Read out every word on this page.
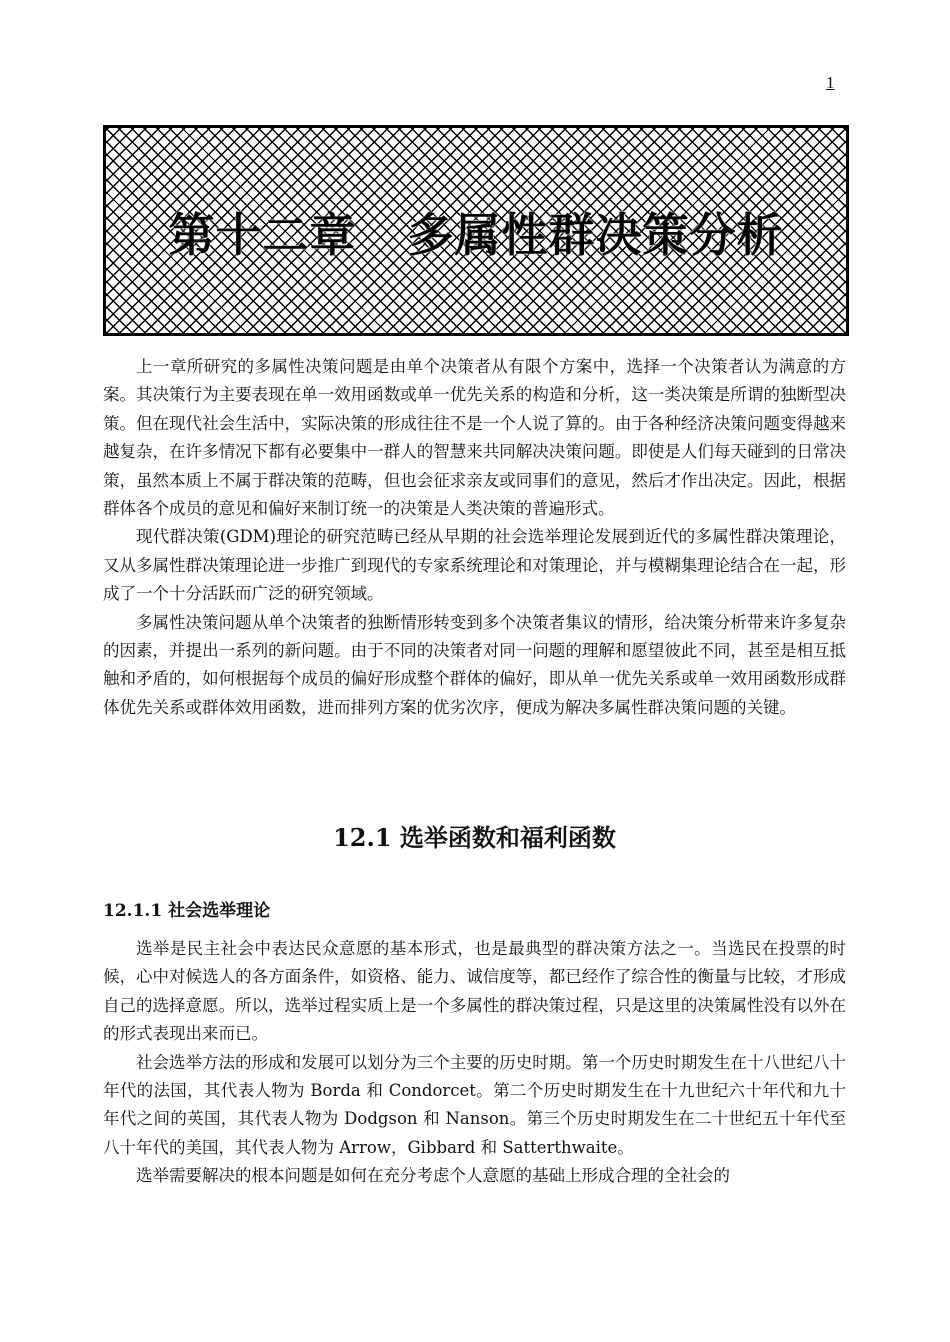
1
第十二章   多属性群决策分析

上一章所研究的多属性决策问题是由单个决策者从有限个方案中，选择一个决策者认为满意的方案。其决策行为主要表现在单一效用函数或单一优先关系的构造和分析，这一类决策是所谓的独断型决策。但在现代社会生活中，实际决策的形成往往不是一个人说了算的。由于各种经济决策问题变得越来越复杂，在许多情况下都有必要集中一群人的智慧来共同解决决策问题。即使是人们每天碰到的日常决策，虽然本质上不属于群决策的范畴，但也会征求亲友或同事们的意见，然后才作出决定。因此，根据群体各个成员的意见和偏好来制订统一的决策是人类决策的普遍形式。

现代群决策(GDM)理论的研究范畴已经从早期的社会选举理论发展到近代的多属性群决策理论，又从多属性群决策理论进一步推广到现代的专家系统理论和对策理论，并与模糊集理论结合在一起，形成了一个十分活跃而广泛的研究领域。

多属性决策问题从单个决策者的独断情形转变到多个决策者集议的情形，给决策分析带来许多复杂的因素，并提出一系列的新问题。由于不同的决策者对同一问题的理解和愿望彼此不同，甚至是相互抵触和矛盾的，如何根据每个成员的偏好形成整个群体的偏好，即从单一优先关系或单一效用函数形成群体优先关系或群体效用函数，进而排列方案的优劣次序，便成为解决多属性群决策问题的关键。

12.1 选举函数和福利函数
12.1.1 社会选举理论

选举是民主社会中表达民众意愿的基本形式，也是最典型的群决策方法之一。当选民在投票的时候，心中对候选人的各方面条件，如资格、能力、诚信度等，都已经作了综合性的衡量与比较，才形成自己的选择意愿。所以，选举过程实质上是一个多属性的群决策过程，只是这里的决策属性没有以外在的形式表现出来而已。

社会选举方法的形成和发展可以划分为三个主要的历史时期。第一个历史时期发生在十八世纪八十年代的法国，其代表人物为 Borda 和 Condorcet。第二个历史时期发生在十九世纪六十年代和九十年代之间的英国，其代表人物为 Dodgson 和 Nanson。第三个历史时期发生在二十世纪五十年代至八十年代的美国，其代表人物为 Arrow，Gibbard 和 Satterthwaite。

选举需要解决的根本问题是如何在充分考虑个人意愿的基础上形成合理的全社会的
